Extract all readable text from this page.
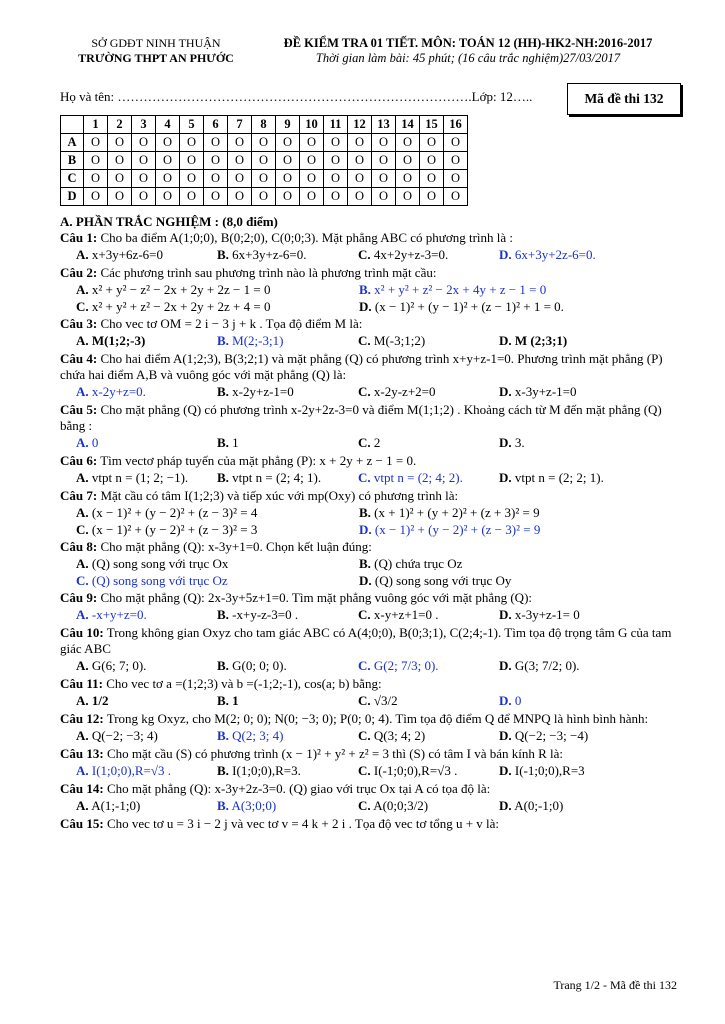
SỞ GDĐT NINH THUẬN
TRƯỜNG THPT AN PHƯỚC
ĐỀ KIỂM TRA 01 TIẾT. MÔN: TOÁN 12 (HH)-HK2-NH:2016-2017
Thời gian làm bài: 45 phút; (16 câu trắc nghiệm)27/03/2017
Họ và tên: ……………………………………………………………………….Lớp: 12…..	Mã đề thi 132
	1	2	3	4	5	6	7	8	9	10	11	12	13	14	15	16
A	O	O	O	O	O	O	O	O	O	O	O	O	O	O	O	O
B	O	O	O	O	O	O	O	O	O	O	O	O	O	O	O	O
C	O	O	O	O	O	O	O	O	O	O	O	O	O	O	O	O
D	O	O	O	O	O	O	O	O	O	O	O	O	O	O	O	O
A. PHẦN TRẮC NGHIỆM : (8,0 điểm)
Câu 1: Cho ba điểm A(1;0;0), B(0;2;0), C(0;0;3). Mặt phẳng ABC có phương trình là :
A. x+3y+6z-6=0	B. 6x+3y+z-6=0.	C. 4x+2y+z-3=0.	D. 6x+3y+2z-6=0.
Câu 2: Các phương trình sau phương trình nào là phương trình mặt cầu:
A. x² + y² − z² − 2x + 2y + 2z − 1 = 0	B. x² + y² + z² − 2x + 4y + z − 1 = 0
C. x² + y² + z² − 2x + 2y + 2z + 4 = 0	D. (x − 1)² + (y − 1)² + (z − 1)² + 1 = 0.
Câu 3: Cho vec tơ OM = 2 i − 3 j + k . Tọa độ điểm M là:
A. M(1;2;-3)	B. M(2;-3;1)	C. M(-3;1;2)	D. M (2;3;1)
Câu 4: Cho hai điểm A(1;2;3), B(3;2;1) và mặt phẳng (Q) có phương trình x+y+z-1=0. Phương trình mặt phẳng (P) chứa hai điểm A,B và vuông góc với mặt phẳng (Q) là:
A. x-2y+z=0.	B. x-2y+z-1=0	C. x-2y-z+2=0	D. x-3y+z-1=0
Câu 5: Cho mặt phẳng (Q) có phương trình x-2y+2z-3=0 và điểm M(1;1;2) . Khoảng cách từ M đến mặt phẳng (Q) bằng :
A. 0	B. 1	C. 2	D. 3.
Câu 6: Tìm vectơ pháp tuyến của mặt phẳng (P): x + 2y + z − 1 = 0.
A. vtpt n = (1; 2; −1).	B. vtpt n = (2; 4; 1).	C. vtpt n = (2; 4; 2).	D. vtpt n = (2; 2; 1).
Câu 7: Mặt cầu có tâm I(1;2;3) và tiếp xúc với mp(Oxy) có phương trình là:
A. (x − 1)² + (y − 2)² + (z − 3)² = 4	B. (x + 1)² + (y + 2)² + (z + 3)² = 9
C. (x − 1)² + (y − 2)² + (z − 3)² = 3	D. (x − 1)² + (y − 2)² + (z − 3)² = 9
Câu 8: Cho mặt phẳng (Q): x-3y+1=0. Chọn kết luận đúng:
A. (Q) song song với trục Ox	B. (Q) chứa trục Oz
C. (Q) song song với trục Oz	D. (Q) song song với trục Oy
Câu 9: Cho mặt phẳng (Q): 2x-3y+5z+1=0. Tìm mặt phẳng vuông góc với mặt phẳng (Q):
A. -x+y+z=0.	B. -x+y-z-3=0 .	C. x-y+z+1=0 .	D. x-3y+z-1= 0
Câu 10: Trong không gian Oxyz cho tam giác ABC có A(4;0;0), B(0;3;1), C(2;4;-1). Tìm tọa độ trọng tâm G của tam giác ABC
A. G(6; 7; 0).	B. G(0; 0; 0).	C. G(2; 7/3; 0).	D. G(3; 7/2; 0).
Câu 11: Cho vec tơ a =(1;2;3) và b =(-1;2;-1), cos(a; b) bằng:
A. 1/2	B. 1	C. √3/2	D. 0
Câu 12: Trong kg Oxyz, cho M(2; 0; 0); N(0; −3; 0); P(0; 0; 4). Tìm tọa độ điểm Q để MNPQ là hình bình hành:
A. Q(−2; −3; 4)	B. Q(2; 3; 4)	C. Q(3; 4; 2)	D. Q(−2; −3; −4)
Câu 13: Cho mặt cầu (S) có phương trình (x − 1)² + y² + z² = 3 thì (S) có tâm I và bán kính R là:
A. I(1;0;0),R=√3 .	B. I(1;0;0),R=3.	C. I(-1;0;0),R=√3 .	D. I(-1;0;0),R=3
Câu 14: Cho mặt phẳng (Q): x-3y+2z-3=0. (Q) giao với trục Ox tại A có tọa độ là:
A. A(1;-1;0)	B. A(3;0;0)	C. A(0;0;3/2)	D. A(0;-1;0)
Câu 15: Cho vec tơ u = 3 i − 2 j và vec tơ v = 4 k + 2 i . Tọa độ vec tơ tổng u + v là:
Trang 1/2 - Mã đề thi 132
